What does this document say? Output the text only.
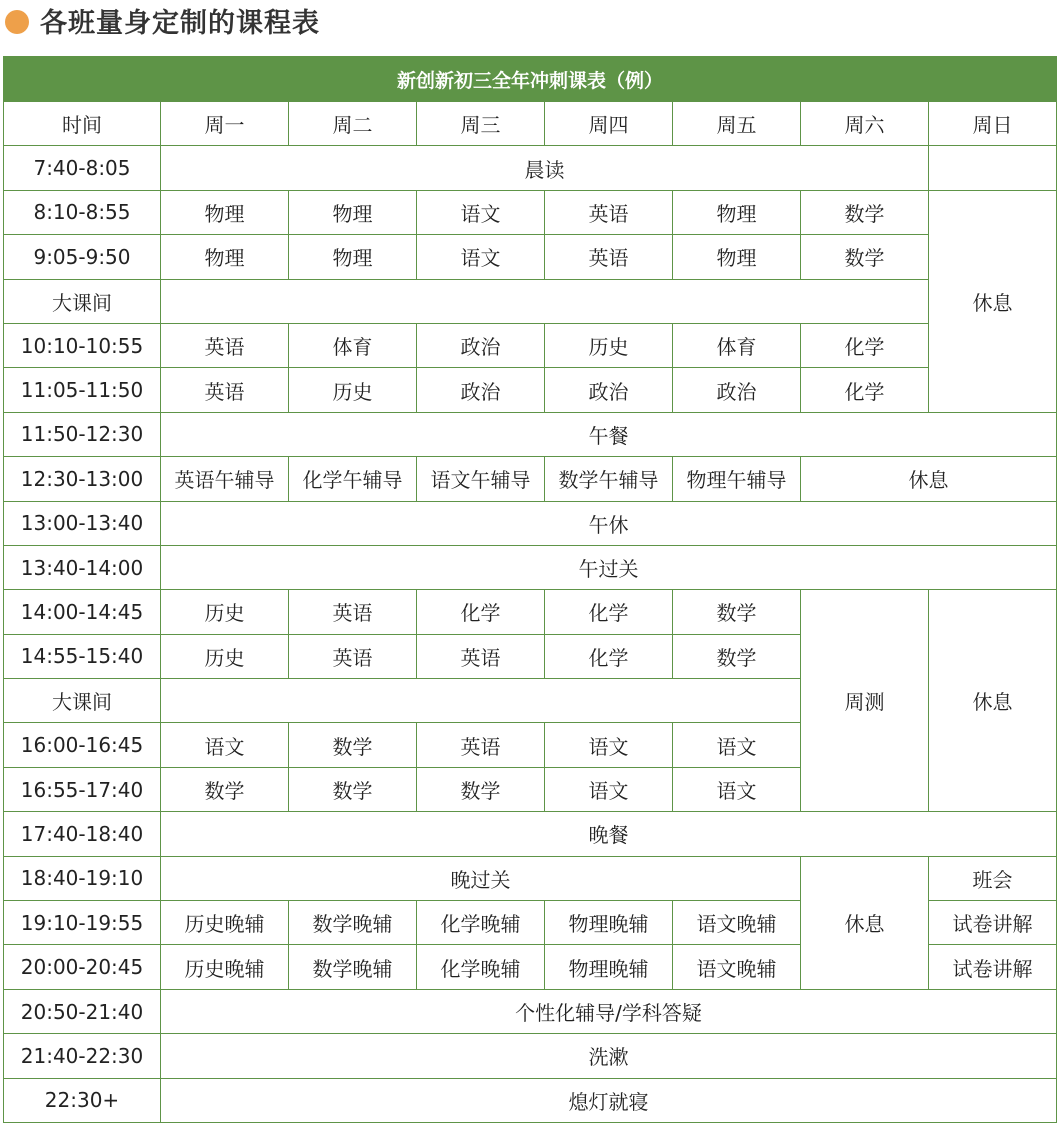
各班量身定制的课程表
新创新初三全年冲刺课表（例）							
时间	周一	周二	周三	周四	周五	周六	周日
7:40-8:05	晨读						
8:10-8:55	物理	物理	语文	英语	物理	数学	休息
9:05-9:50	物理	物理	语文	英语	物理	数学	
大课间							
10:10-10:55	英语	体育	政治	历史	体育	化学	
11:05-11:50	英语	历史	政治	政治	政治	化学	
11:50-12:30	午餐						
12:30-13:00	英语午辅导	化学午辅导	语文午辅导	数学午辅导	物理午辅导	休息	
13:00-13:40	午休						
13:40-14:00	午过关						
14:00-14:45	历史	英语	化学	化学	数学	周测	休息
14:55-15:40	历史	英语	英语	化学	数学		
大课间							
16:00-16:45	语文	数学	英语	语文	语文		
16:55-17:40	数学	数学	数学	语文	语文		
17:40-18:40	晚餐						
18:40-19:10	晚过关					休息	班会
19:10-19:55	历史晚辅	数学晚辅	化学晚辅	物理晚辅	语文晚辅		试卷讲解
20:00-20:45	历史晚辅	数学晚辅	化学晚辅	物理晚辅	语文晚辅		试卷讲解
20:50-21:40	个性化辅导/学科答疑						
21:40-22:30	洗漱						
22:30+	熄灯就寝						
